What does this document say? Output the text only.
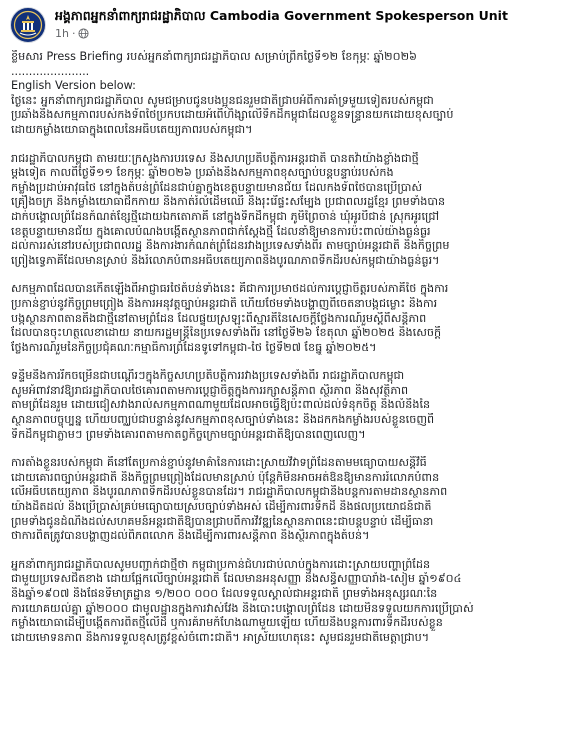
អង្គភាពអ្នកនាំពាក្យរាជរដ្ឋាភិបាល Cambodia Government Spokesperson Unit
1h ·

ខ្លឹមសារ Press Briefing របស់អ្នកនាំពាក្យរាជរដ្ឋាភិបាល សម្រាប់ព្រឹកថ្ងៃទី១២ ខែកុម្ភៈ ឆ្នាំ២០២៦

......................

English Version below:

ថ្ងៃនេះ អ្នកនាំពាក្យរាជរដ្ឋាភិបាល សូមជម្រាបជូនបងប្អូនជនរួមជាតិជ្រាបអំពីការគាំទ្រមួយទៀតរបស់កម្ពុជា

ប្រឆាំងនឹងសកម្មភាពរបស់កងទ័ពថៃប្រកបដោយអំពើហិង្សាលើទឹកដីកម្ពុជាដែលខ្លួនទន្ទ្រានយកដោយខុសច្បាប់

ដោយកម្លាំងយោធាក្នុងពេលនៃអធិបតេយ្យភាពរបស់កម្ពុជា។

រាជរដ្ឋាភិបាលកម្ពុជា តាមរយៈក្រសួងការបរទេស និងសហប្រតិបត្តិការអន្តរជាតិ បានតវ៉ាយ៉ាងខ្លាំងជាថ្មី

ម្តងទៀត កាលពីថ្ងៃទី១១ ខែកុម្ភៈ ឆ្នាំ២០២៦ ប្រឆាំងនឹងសកម្មភាពខុសច្បាប់បន្តបន្ទាប់របស់កង

កម្លាំងប្រដាប់អាវុធថៃ នៅក្នុងតំបន់ព្រំដែនជាប់គ្នាក្នុងខេត្តបន្ទាយមានជ័យ ដែលកងទ័ពថៃបានប្រើប្រាស់

គ្រឿងចក្រ និងកម្លាំងយោធាជីកកាយ និងកាត់រំលំដើមឈើ និងរុះរើផ្ទះសម្បែង ប្រជាពលរដ្ឋខ្មែរ ព្រមទាំងបាន

ដាក់បង្គោលព្រំដែនកំណត់ខ្សែថ្មីដោយឯកតោភាគី នៅក្នុងទឹកដីកម្ពុជា ភូមិព្រៃចាន់ ឃុំអូរបីជាន់ ស្រុកអូរជ្រៅ

ខេត្តបន្ទាយមានជ័យ ក្នុងគោលបំណងបង្កើតស្ថានភាពជាក់ស្តែងថ្មី ដែលនាំឱ្យមានការប៉ះពាល់យ៉ាងធ្ងន់ធ្ងរ

ដល់ការរស់នៅរបស់ប្រជាពលរដ្ឋ និងការងារកំណត់ព្រំដែនរវាងប្រទេសទាំងពីរ តាមច្បាប់អន្តរជាតិ និងកិច្ចព្រម

ព្រៀងទ្វេភាគីដែលមានស្រាប់ និងរំលោភបំពានអធិបតេយ្យភាពនិងបូរណភាពទឹកដីរបស់កម្ពុជាយ៉ាងធ្ងន់ធ្ងរ។

សកម្មភាពដែលបានកើតឡើងពីអាជ្ញាធរថៃតំបន់ទាំងនេះ គឺជាការប្រមាថដល់ការប្តេជ្ញាចិត្តរបស់ភាគីថៃ ក្នុងការ

ប្រកាន់ខ្ជាប់នូវកិច្ចព្រមព្រៀង និងការអនុវត្តច្បាប់អន្តរជាតិ ហើយថែមទាំងបង្ហាញពីចេតនាបង្កជម្លោះ និងការ

បង្កស្ថានភាពតានតឹងជាថ្មីនៅតាមព្រំដែន ដែលផ្ទុយស្រឡះពីស្មារតីនៃសេចក្តីថ្លែងការណ៍រួមស្តីពីសន្តិភាព

ដែលបានចុះហត្ថលេខាដោយ នាយករដ្ឋមន្ត្រីនៃប្រទេសទាំងពីរ នៅថ្ងៃទី២៦ ខែតុលា ឆ្នាំ២០២៥ និងសេចក្តី

ថ្លែងការណ៍រួមនៃកិច្ចប្រជុំគណៈកម្មាធិការព្រំដែនទូទៅកម្ពុជា-ថៃ ថ្ងៃទី២៧ ខែធ្នូ ឆ្នាំ២០២៥។

ទន្ទឹមនឹងការរីកចម្រើនជាបណ្តើរៗក្នុងកិច្ចសហប្រតិបត្តិការរវាងប្រទេសទាំងពីរ រាជរដ្ឋាភិបាលកម្ពុជា

សូមអំពាវនាវឱ្យរាជរដ្ឋាភិបាលថៃគោរពតាមការប្តេជ្ញាចិត្តក្នុងការរក្សាសន្តិភាព ស្ថិរភាព និងសុវត្ថិភាព

តាមព្រំដែនរួម ដោយជៀសវាងរាល់សកម្មភាពណាមួយដែលអាចធ្វើឱ្យប៉ះពាល់ដល់ទំនុកចិត្ត និងលំនឹងនៃ

ស្ថានភាពបច្ចុប្បន្ន ហើយបញ្ឈប់ជាបន្ទាន់នូវសកម្មភាពខុសច្បាប់ទាំងនេះ និងដកកងកម្លាំងរបស់ខ្លួនចេញពី

ទឹកដីកម្ពុជាភ្លាមៗ ព្រមទាំងគោរពតាមកាតព្វកិច្ចក្រោមច្បាប់អន្តរជាតិឱ្យបានពេញលេញ។

ការតាំងខ្លួនរបស់កម្ពុជា គឺនៅតែប្រកាន់ខ្ជាប់នូវមាគ៌ានៃការដោះស្រាយវិវាទព្រំដែនតាមមធ្យោបាយសន្តិវិធី

ដោយគោរពច្បាប់អន្តរជាតិ និងកិច្ចព្រមព្រៀងដែលមានស្រាប់ ប៉ុន្តែក៏មិនអាចអត់ឱនឱ្យមានការរំលោភបំពាន

លើអធិបតេយ្យភាព និងបូរណភាពទឹកដីរបស់ខ្លួនបានដែរ។ រាជរដ្ឋាភិបាលកម្ពុជានឹងបន្តការតាមដានស្ថានភាព

យ៉ាងដិតដល់ និងប្រើប្រាស់គ្រប់មធ្យោបាយស្របច្បាប់ទាំងអស់ ដើម្បីការពារទឹកដី និងផលប្រយោជន៍ជាតិ

ព្រមទាំងជូនដំណឹងដល់សហគមន៍អន្តរជាតិឱ្យបានជ្រាបពីការវិវឌ្ឍនៃស្ថានភាពនេះជាបន្តបន្ទាប់ ដើម្បីធានា

ថាការពិតត្រូវបានបង្ហាញដល់ពិភពលោក និងដើម្បីការពារសន្តិភាព និងស្ថិរភាពក្នុងតំបន់។

អ្នកនាំពាក្យរាជរដ្ឋាភិបាលសូមបញ្ជាក់ជាថ្មីថា កម្ពុជាប្រកាន់ជំហរជាប់លាប់ក្នុងការដោះស្រាយបញ្ហាព្រំដែន

ជាមួយប្រទេសជិតខាង ដោយផ្អែកលើច្បាប់អន្តរជាតិ ដែលមានអនុសញ្ញា និងសន្ធិសញ្ញាបារាំង-សៀម ឆ្នាំ១៩០៤

និងឆ្នាំ១៩០៧ និងផែនទីមាត្រដ្ឋាន ១/២០០ ០០០ ដែលទទួលស្គាល់ជាអន្តរជាតិ ព្រមទាំងអនុស្សរណៈនៃ

ការយោគយល់គ្នា ឆ្នាំ២០០០ ជាមូលដ្ឋានក្នុងការវាស់វែង និងបោះបង្គោលព្រំដែន ដោយមិនទទួលយកការប្រើប្រាស់

កម្លាំងយោធាដើម្បីបង្កើតការពិតថ្មីលើដី ឬការគំរាមកំហែងណាមួយឡើយ ហើយនឹងបន្តការពារទឹកដីរបស់ខ្លួន

ដោយមោទនភាព និងការទទួលខុសត្រូវខ្ពស់ចំពោះជាតិ។ អាស្រ័យហេតុនេះ សូមជនរួមជាតិមេត្តាជ្រាប។
